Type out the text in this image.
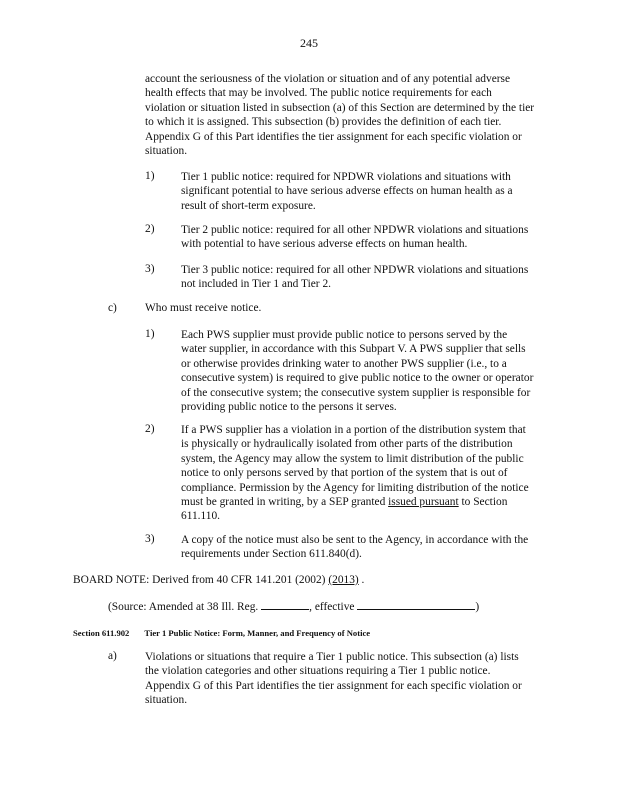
245

account the seriousness of the violation or situation and of any potential adverse health effects that may be involved. The public notice requirements for each violation or situation listed in subsection (a) of this Section are determined by the tier to which it is assigned. This subsection (b) provides the definition of each tier. Appendix G of this Part identifies the tier assignment for each specific violation or situation.

1) Tier 1 public notice: required for NPDWR violations and situations with significant potential to have serious adverse effects on human health as a result of short-term exposure.

2) Tier 2 public notice: required for all other NPDWR violations and situations with potential to have serious adverse effects on human health.

3) Tier 3 public notice: required for all other NPDWR violations and situations not included in Tier 1 and Tier 2.

c) Who must receive notice.
1) Each PWS supplier must provide public notice to persons served by the water supplier, in accordance with this Subpart V. A PWS supplier that sells or otherwise provides drinking water to another PWS supplier (i.e., to a consecutive system) is required to give public notice to the owner or operator of the consecutive system; the consecutive system supplier is responsible for providing public notice to the persons it serves.

2) If a PWS supplier has a violation in a portion of the distribution system that is physically or hydraulically isolated from other parts of the distribution system, the Agency may allow the system to limit distribution of the public notice to only persons served by that portion of the system that is out of compliance. Permission by the Agency for limiting distribution of the notice must be granted in writing, by a SEP granted issued pursuant to Section 611.110.

3) A copy of the notice must also be sent to the Agency, in accordance with the requirements under Section 611.840(d).

BOARD NOTE: Derived from 40 CFR 141.201 (2002) (2013) .

(Source: Amended at 38 Ill. Reg.	, effective	)

Section 611.902 Tier 1 Public Notice: Form, Manner, and Frequency of Notice

a) Violations or situations that require a Tier 1 public notice. This subsection (a) lists the violation categories and other situations requiring a Tier 1 public notice. Appendix G of this Part identifies the tier assignment for each specific violation or situation.
